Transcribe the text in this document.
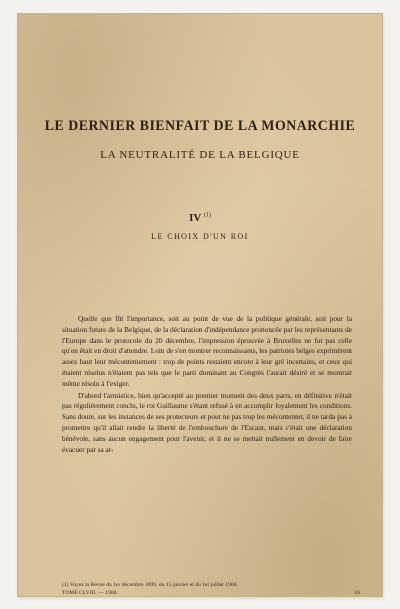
LE DERNIER BIENFAIT DE LA MONARCHIE
LA NEUTRALITÉ DE LA BELGIQUE
IV $^{(1)}$
LE CHOIX D'UN ROI

Quelle que fût l'importance, soit au point de vue de la politique générale, soit pour la situation future de la Belgique, de la déclaration d'indépendance prononcée par les représentants de l'Europe dans le protocole du 20 décembre, l'impression éprouvée à Bruxelles ne fut pas celle qu'on était en droit d'attendre. Loin de s'en montrer reconnaissants, les patriotes belges exprimèrent assez haut leur mécontentement : trop de points restaient encore à leur gré incertains, et ceux qui étaient résolus n'étaient pas tels que le parti dominant au Congrès l'aurait désiré et se montrait même résolu à l'exiger.

D'abord l'armistice, bien qu'accepté au premier moment des deux parts, en définitive n'était pas régulièrement conclu, le roi Guillaume s'étant refusé à en accomplir loyalement les conditions. Sans doute, sur les instances de ses protecteurs et pour ne pas trop les mécontenter, il ne tarda pas à promettre qu'il allait rendre la liberté de l'embouchure de l'Escaut, mais c'était une déclaration bénévole, sans aucun engagement pour l'avenir, et il ne se mettait nullement en devoir de faire évacuer par sa ar-

(1) Voyez la Revue du 1er décembre 1899, du 15 janvier et du 1er juillet 1900.
TOME CLVIII. — 1900.	16
